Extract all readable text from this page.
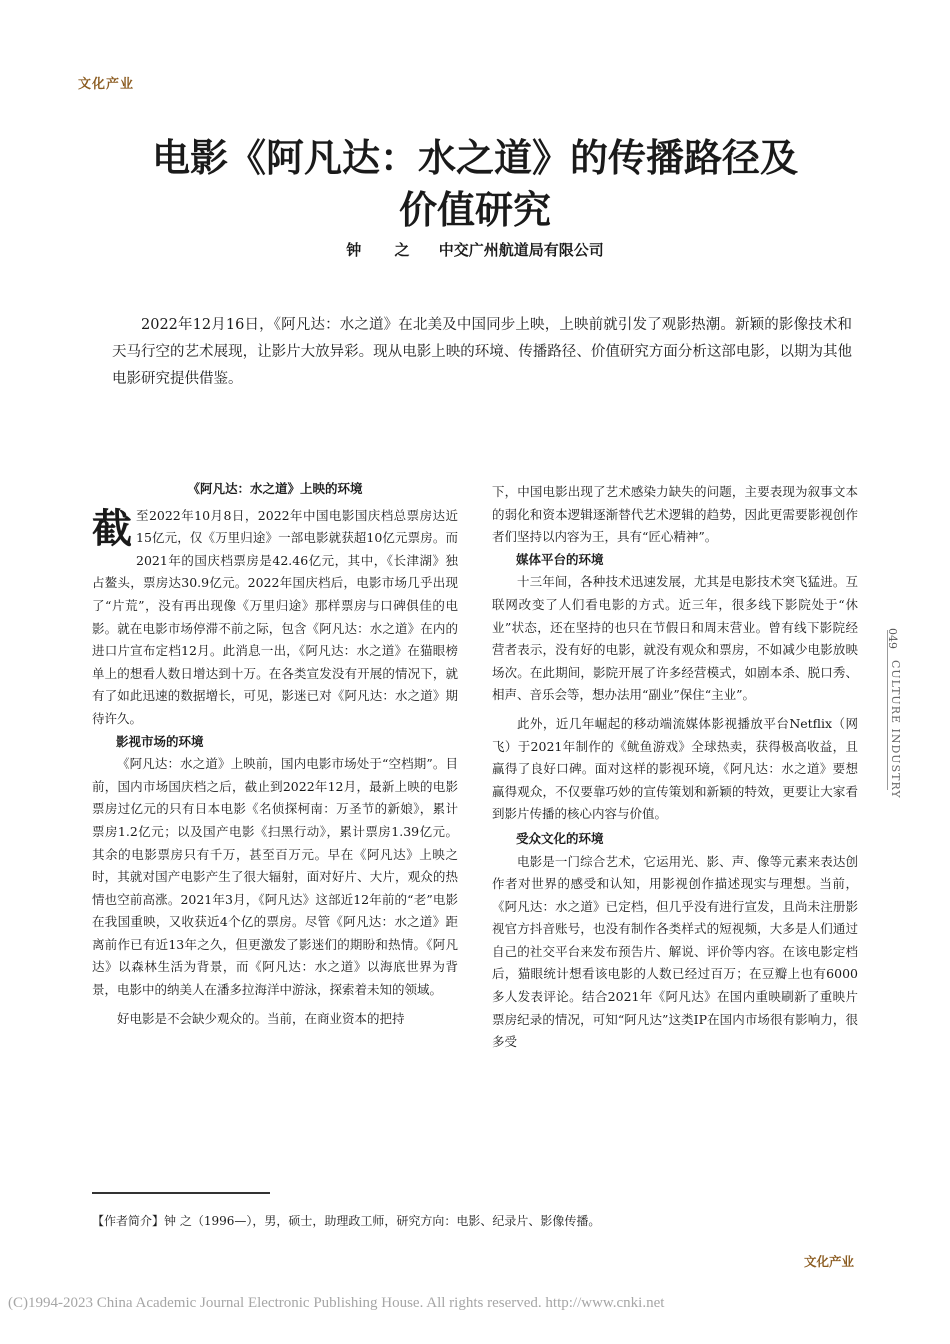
文化产业
电影《阿凡达：水之道》的传播路径及
价值研究
钟 之 中交广州航道局有限公司
2022年12月16日，《阿凡达：水之道》在北美及中国同步上映，上映前就引发了观影热潮。新颖的影像技术和天马行空的艺术展现，让影片大放异彩。现从电影上映的环境、传播路径、价值研究方面分析这部电影，以期为其他电影研究提供借鉴。
《阿凡达：水之道》上映的环境

截至2022年10月8日，2022年中国电影国庆档总票房达近15亿元，仅《万里归途》一部电影就获超10亿元票房。而2021年的国庆档票房是42.46亿元，其中，《长津湖》独占鳌头，票房达30.9亿元。2022年国庆档后，电影市场几乎出现了“片荒”，没有再出现像《万里归途》那样票房与口碑俱佳的电影。就在电影市场停滞不前之际，包含《阿凡达：水之道》在内的进口片宣布定档12月。此消息一出，《阿凡达：水之道》在猫眼榜单上的想看人数日增达到十万。在各类宣发没有开展的情况下，就有了如此迅速的数据增长，可见，影迷已对《阿凡达：水之道》期待许久。

影视市场的环境

《阿凡达：水之道》上映前，国内电影市场处于“空档期”。目前，国内市场国庆档之后，截止到2022年12月，最新上映的电影票房过亿元的只有日本电影《名侦探柯南：万圣节的新娘》，累计票房1.2亿元；以及国产电影《扫黑行动》，累计票房1.39亿元。其余的电影票房只有千万，甚至百万元。早在《阿凡达》上映之时，其就对国产电影产生了很大辐射，面对好片、大片，观众的热情也空前高涨。2021年3月，《阿凡达》这部近12年前的“老”电影在我国重映，又收获近4个亿的票房。尽管《阿凡达：水之道》距离前作已有近13年之久，但更激发了影迷们的期盼和热情。《阿凡达》以森林生活为背景，而《阿凡达：水之道》以海底世界为背景，电影中的纳美人在潘多拉海洋中游泳，探索着未知的领域。

好电影是不会缺少观众的。当前，在商业资本的把持

下，中国电影出现了艺术感染力缺失的问题，主要表现为叙事文本的弱化和资本逻辑逐渐替代艺术逻辑的趋势，因此更需要影视创作者们坚持以内容为王，具有“匠心精神”。

媒体平台的环境

十三年间，各种技术迅速发展，尤其是电影技术突飞猛进。互联网改变了人们看电影的方式。近三年，很多线下影院处于“休业”状态，还在坚持的也只在节假日和周末营业。曾有线下影院经营者表示，没有好的电影，就没有观众和票房，不如减少电影放映场次。在此期间，影院开展了许多经营模式，如剧本杀、脱口秀、相声、音乐会等，想办法用“副业”保住“主业”。

此外，近几年崛起的移动端流媒体影视播放平台Netflix（网飞）于2021年制作的《鱿鱼游戏》全球热卖，获得极高收益，且赢得了良好口碑。面对这样的影视环境，《阿凡达：水之道》要想赢得观众，不仅要靠巧妙的宣传策划和新颖的特效，更要让大家看到影片传播的核心内容与价值。

受众文化的环境

电影是一门综合艺术，它运用光、影、声、像等元素来表达创作者对世界的感受和认知，用影视创作描述现实与理想。当前，《阿凡达：水之道》已定档，但几乎没有进行宣发，且尚未注册影视官方抖音账号，也没有制作各类样式的短视频，大多是人们通过自己的社交平台来发布预告片、解说、评价等内容。在该电影定档后，猫眼统计想看该电影的人数已经过百万；在豆瓣上也有6000多人发表评论。结合2021年《阿凡达》在国内重映刷新了重映片票房纪录的情况，可知“阿凡达”这类IP在国内市场很有影响力，很多受

049
CULTURE INDUSTRY
【作者简介】钟 之（1996—），男，硕士，助理政工师，研究方向：电影、纪录片、影像传播。
文化产业
(C)1994-2023 China Academic Journal Electronic Publishing House. All rights reserved. http://www.cnki.net
